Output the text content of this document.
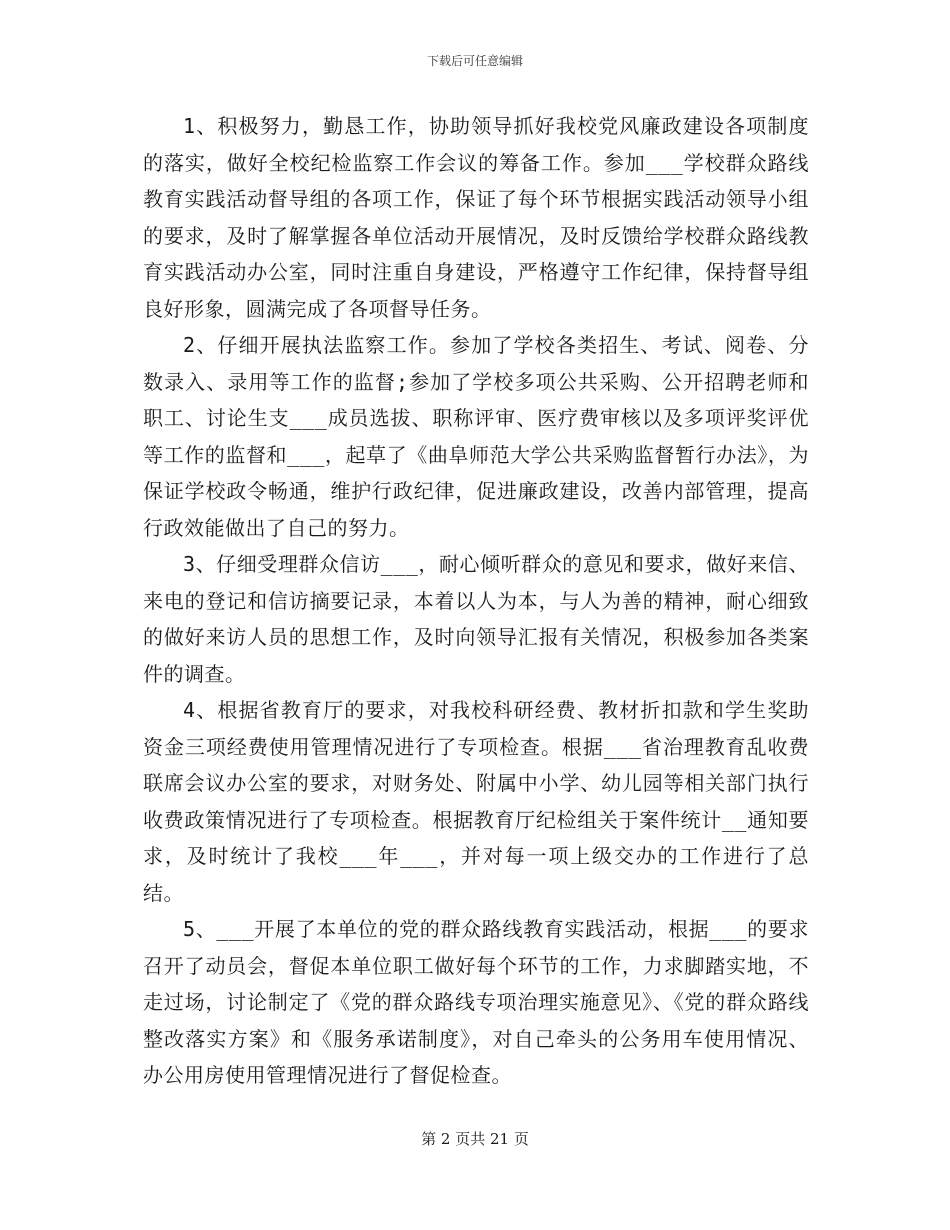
下载后可任意编辑

1、积极努力，勤恳工作，协助领导抓好我校党风廉政建设各项制度的落实，做好全校纪检监察工作会议的筹备工作。参加___学校群众路线教育实践活动督导组的各项工作，保证了每个环节根据实践活动领导小组的要求，及时了解掌握各单位活动开展情况，及时反馈给学校群众路线教育实践活动办公室，同时注重自身建设，严格遵守工作纪律，保持督导组良好形象，圆满完成了各项督导任务。

2、仔细开展执法监察工作。参加了学校各类招生、考试、阅卷、分数录入、录用等工作的监督;参加了学校多项公共采购、公开招聘老师和职工、讨论生支___成员选拔、职称评审、医疗费审核以及多项评奖评优等工作的监督和___，起草了《曲阜师范大学公共采购监督暂行办法》，为保证学校政令畅通，维护行政纪律，促进廉政建设，改善内部管理，提高行政效能做出了自己的努力。

3、仔细受理群众信访___，耐心倾听群众的意见和要求，做好来信、来电的登记和信访摘要记录，本着以人为本，与人为善的精神，耐心细致的做好来访人员的思想工作，及时向领导汇报有关情况，积极参加各类案件的调查。

4、根据省教育厅的要求，对我校科研经费、教材折扣款和学生奖助资金三项经费使用管理情况进行了专项检查。根据___省治理教育乱收费联席会议办公室的要求，对财务处、附属中小学、幼儿园等相关部门执行收费政策情况进行了专项检查。根据教育厅纪检组关于案件统计__通知要求，及时统计了我校___年___，并对每一项上级交办的工作进行了总结。

5、___开展了本单位的党的群众路线教育实践活动，根据___的要求召开了动员会，督促本单位职工做好每个环节的工作，力求脚踏实地，不走过场，讨论制定了《党的群众路线专项治理实施意见》、《党的群众路线整改落实方案》和《服务承诺制度》，对自己牵头的公务用车使用情况、办公用房使用管理情况进行了督促检查。

第 2 页共 21 页
